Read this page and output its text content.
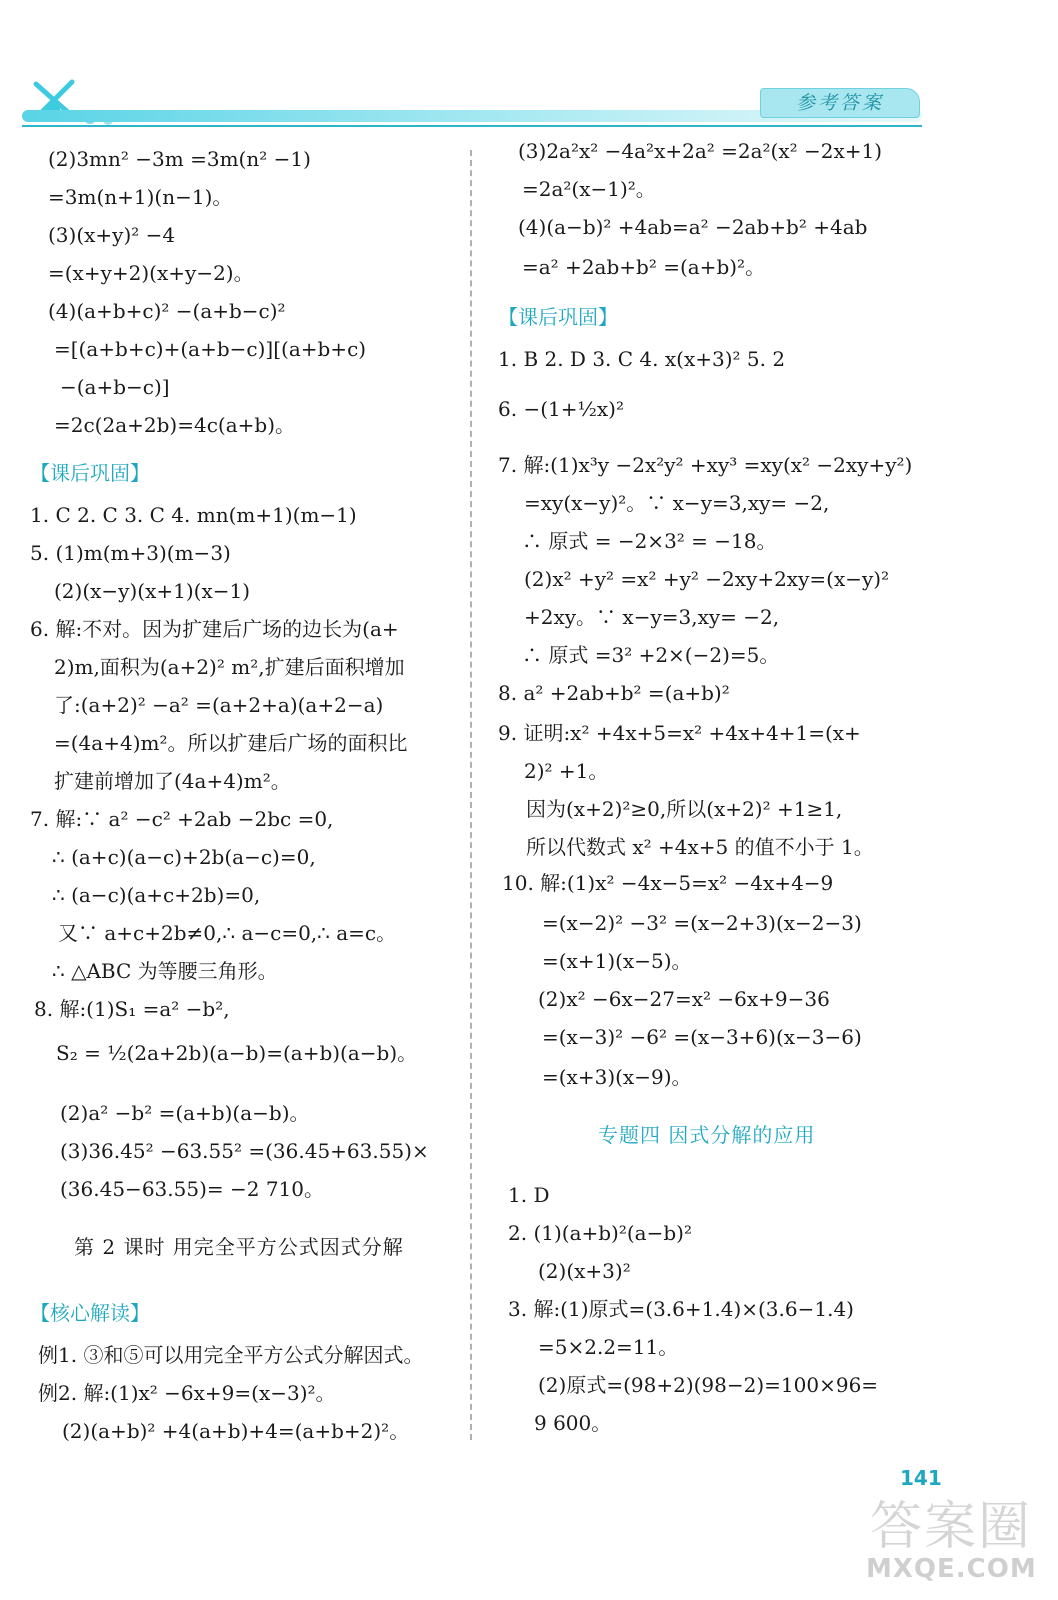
参考答案
(2)3mn² −3m =3m(n² −1)
=3m(n+1)(n−1)。
(3)(x+y)² −4
=(x+y+2)(x+y−2)。
(4)(a+b+c)² −(a+b−c)²
=[(a+b+c)+(a+b−c)][(a+b+c)
−(a+b−c)]
=2c(2a+2b)=4c(a+b)。
【课后巩固】
1. C 2. C 3. C 4. mn(m+1)(m−1)
5. (1)m(m+3)(m−3)
(2)(x−y)(x+1)(x−1)
6. 解:不对。因为扩建后广场的边长为(a+
2)m,面积为(a+2)² m²,扩建后面积增加
了:(a+2)² −a² =(a+2+a)(a+2−a)
=(4a+4)m²。所以扩建后广场的面积比
扩建前增加了(4a+4)m²。
7. 解:∵ a² −c² +2ab −2bc =0,
∴ (a+c)(a−c)+2b(a−c)=0,
∴ (a−c)(a+c+2b)=0,
又∵ a+c+2b≠0,∴ a−c=0,∴ a=c。
∴ △ABC 为等腰三角形。
8. 解:(1)S₁ =a² −b²,
S₂ = ½(2a+2b)(a−b)=(a+b)(a−b)。
(2)a² −b² =(a+b)(a−b)。
(3)36.45² −63.55² =(36.45+63.55)×
(36.45−63.55)= −2 710。
第 2 课时 用完全平方公式因式分解
【核心解读】
例1. ③和⑤可以用完全平方公式分解因式。
例2. 解:(1)x² −6x+9=(x−3)²。
(2)(a+b)² +4(a+b)+4=(a+b+2)²。
(3)2a²x² −4a²x+2a² =2a²(x² −2x+1)
=2a²(x−1)²。
(4)(a−b)² +4ab=a² −2ab+b² +4ab
=a² +2ab+b² =(a+b)²。
【课后巩固】
1. B 2. D 3. C 4. x(x+3)² 5. 2
6. −(1+½x)²
7. 解:(1)x³y −2x²y² +xy³ =xy(x² −2xy+y²)
=xy(x−y)²。∵ x−y=3,xy= −2,
∴ 原式 = −2×3² = −18。
(2)x² +y² =x² +y² −2xy+2xy=(x−y)²
+2xy。∵ x−y=3,xy= −2,
∴ 原式 =3² +2×(−2)=5。
8. a² +2ab+b² =(a+b)²
9. 证明:x² +4x+5=x² +4x+4+1=(x+
2)² +1。
因为(x+2)²≥0,所以(x+2)² +1≥1,
所以代数式 x² +4x+5 的值不小于 1。
10. 解:(1)x² −4x−5=x² −4x+4−9
=(x−2)² −3² =(x−2+3)(x−2−3)
=(x+1)(x−5)。
(2)x² −6x−27=x² −6x+9−36
=(x−3)² −6² =(x−3+6)(x−3−6)
=(x+3)(x−9)。
专题四 因式分解的应用
1. D
2. (1)(a+b)²(a−b)²
(2)(x+3)²
3. 解:(1)原式=(3.6+1.4)×(3.6−1.4)
=5×2.2=11。
(2)原式=(98+2)(98−2)=100×96=
9 600。
141
答案圈
MXQE.COM
